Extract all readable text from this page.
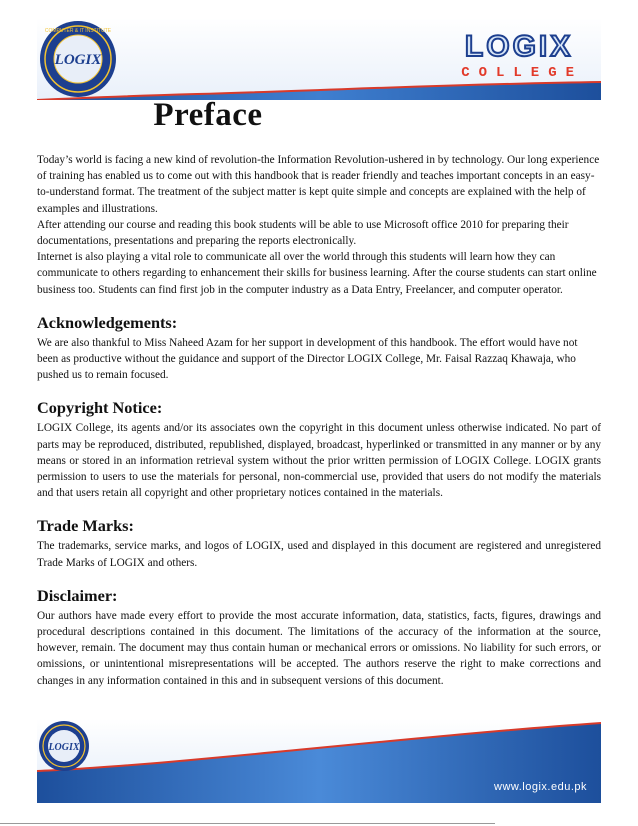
LOGIX
COMPUTER & IT INSTITUTE	LOGIX
COLLEGE
Preface

Today’s world is facing a new kind of revolution-the Information Revolution-ushered in by technology. Our long experience of training has enabled us to come out with this handbook that is reader friendly and teaches important concepts in an easy-to-understand format. The treatment of the subject matter is kept quite simple and concepts are explained with the help of examples and illustrations.

After attending our course and reading this book students will be able to use Microsoft office 2010 for preparing their documentations, presentations and preparing the reports electronically.

Internet is also playing a vital role to communicate all over the world through this students will learn how they can communicate to others regarding to enhancement their skills for business learning. After the course students can start online business too. Students can find first job in the computer industry as a Data Entry, Freelancer, and computer operator.

Acknowledgements:

We are also thankful to Miss Naheed Azam for her support in development of this handbook. The effort would have not been as productive without the guidance and support of the Director LOGIX College, Mr. Faisal Razzaq Khawaja, who pushed us to remain focused.

Copyright Notice:

LOGIX College, its agents and/or its associates own the copyright in this document unless otherwise indicated. No part of parts may be reproduced, distributed, republished, displayed, broadcast, hyperlinked or transmitted in any manner or by any means or stored in an information retrieval system without the prior written permission of LOGIX College. LOGIX grants permission to users to use the materials for personal, non-commercial use, provided that users do not modify the materials and that users retain all copyright and other proprietary notices contained in the materials.

Trade Marks:

The trademarks, service marks, and logos of LOGIX, used and displayed in this document are registered and unregistered Trade Marks of LOGIX and others.

Disclaimer:

Our authors have made every effort to provide the most accurate information, data, statistics, facts, figures, drawings and procedural descriptions contained in this document. The limitations of the accuracy of the information at the source, however, remain. The document may thus contain human or mechanical errors or omissions. No liability for such errors, or omissions, or unintentional misrepresentations will be accepted. The authors reserve the right to make corrections and changes in any information contained in this and in subsequent versions of this document.

LOGIX
www.logix.edu.pk
